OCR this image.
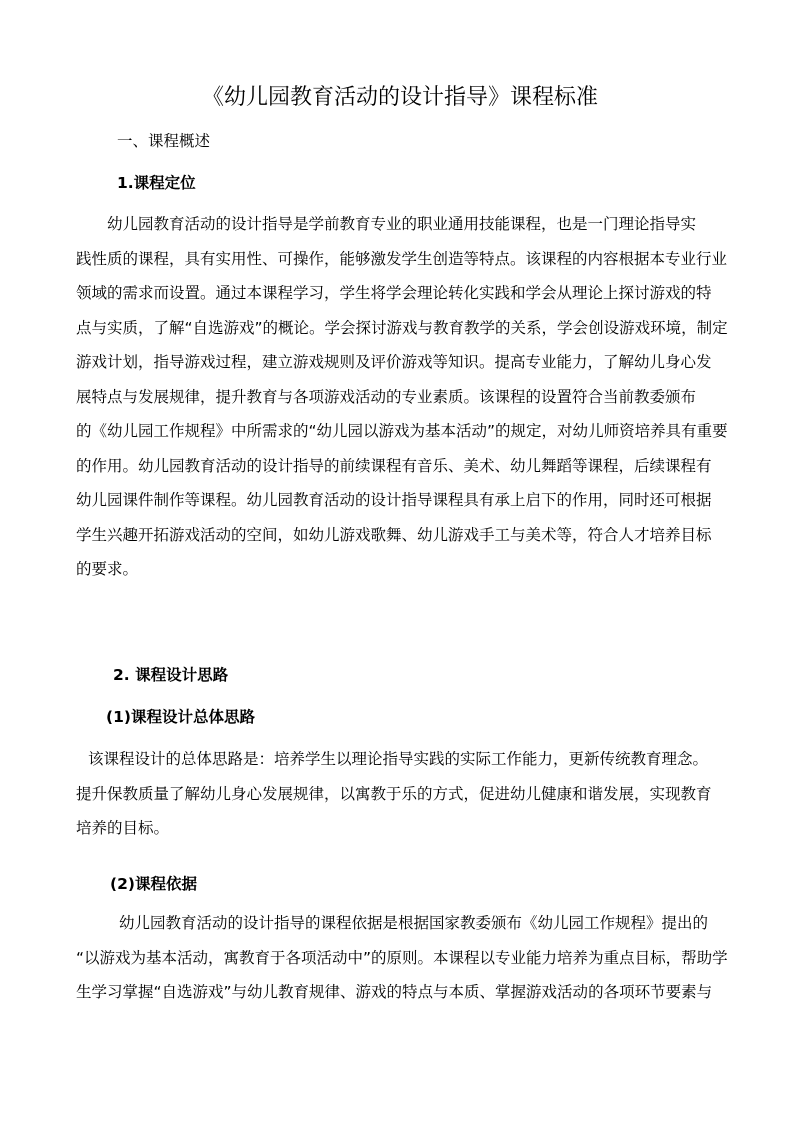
《幼儿园教育活动的设计指导》课程标准
一、课程概述
1.课程定位
幼儿园教育活动的设计指导是学前教育专业的职业通用技能课程，也是一门理论指导实
践性质的课程，具有实用性、可操作，能够激发学生创造等特点。该课程的内容根据本专业行业
领域的需求而设置。通过本课程学习，学生将学会理论转化实践和学会从理论上探讨游戏的特
点与实质，了解“自选游戏”的概论。学会探讨游戏与教育教学的关系，学会创设游戏环境，制定
游戏计划，指导游戏过程，建立游戏规则及评价游戏等知识。提高专业能力，了解幼儿身心发
展特点与发展规律，提升教育与各项游戏活动的专业素质。该课程的设置符合当前教委颁布
的《幼儿园工作规程》中所需求的“幼儿园以游戏为基本活动”的规定，对幼儿师资培养具有重要
的作用。幼儿园教育活动的设计指导的前续课程有音乐、美术、幼儿舞蹈等课程，后续课程有
幼儿园课件制作等课程。幼儿园教育活动的设计指导课程具有承上启下的作用，同时还可根据
学生兴趣开拓游戏活动的空间，如幼儿游戏歌舞、幼儿游戏手工与美术等，符合人才培养目标
的要求。
2. 课程设计思路
(1)课程设计总体思路
该课程设计的总体思路是：培养学生以理论指导实践的实际工作能力，更新传统教育理念。
提升保教质量了解幼儿身心发展规律，以寓教于乐的方式，促进幼儿健康和谐发展，实现教育
培养的目标。
(2)课程依据
幼儿园教育活动的设计指导的课程依据是根据国家教委颁布《幼儿园工作规程》提出的
“以游戏为基本活动，寓教育于各项活动中”的原则。本课程以专业能力培养为重点目标，帮助学
生学习掌握“自选游戏”与幼儿教育规律、游戏的特点与本质、掌握游戏活动的各项环节要素与
